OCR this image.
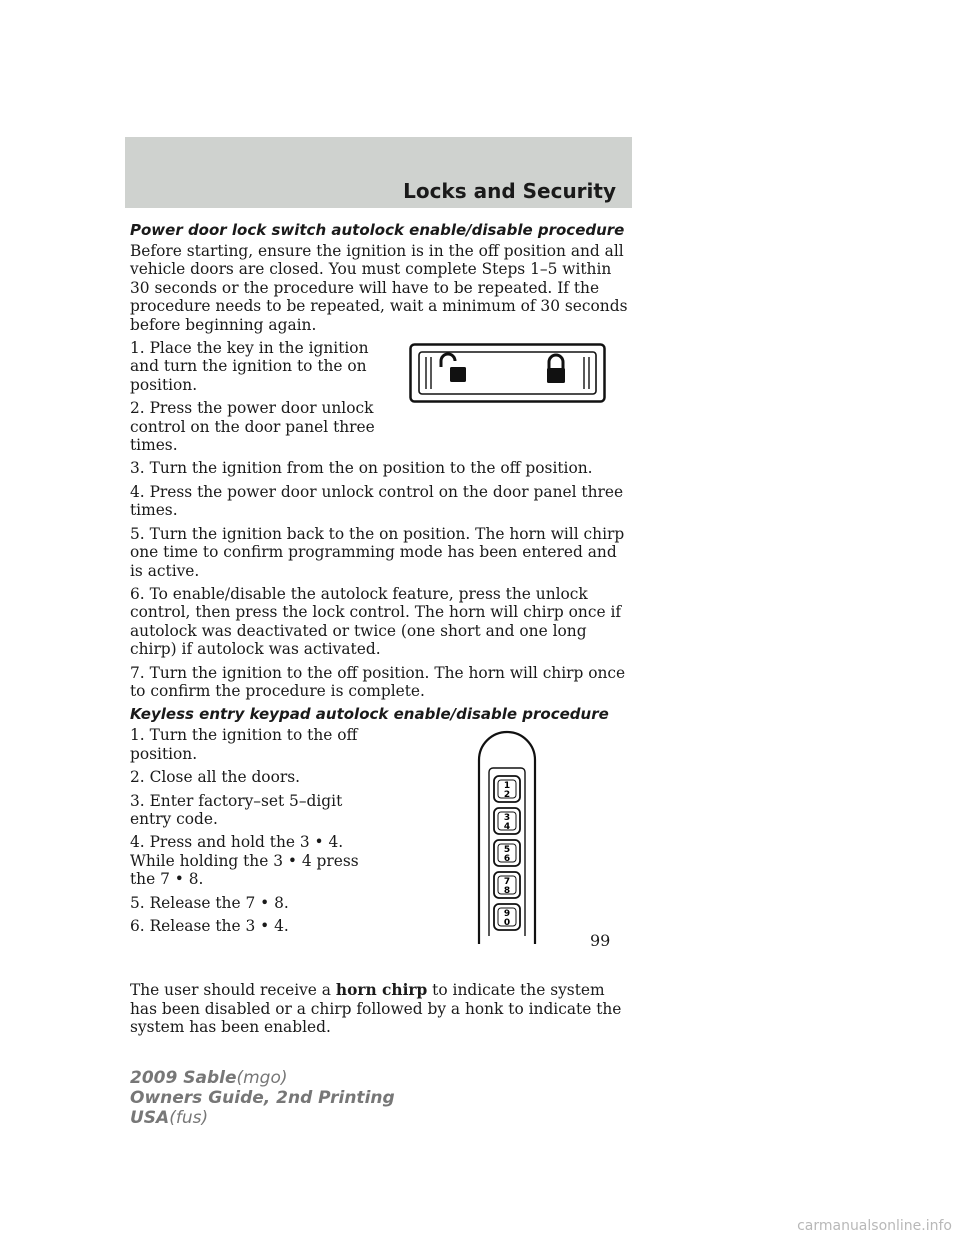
Locks and Security
Power door lock switch autolock enable/disable procedure

Before starting, ensure the ignition is in the off position and all vehicle doors are closed. You must complete Steps 1–5 within 30 seconds or the procedure will have to be repeated. If the procedure needs to be repeated, wait a minimum of 30 seconds before beginning again.

1. Place the key in the ignition and turn the ignition to the on position.

2. Press the power door unlock control on the door panel three times.

3. Turn the ignition from the on position to the off position.

4. Press the power door unlock control on the door panel three times.

5. Turn the ignition back to the on position. The horn will chirp one time to confirm programming mode has been entered and is active.

6. To enable/disable the autolock feature, press the unlock control, then press the lock control. The horn will chirp once if autolock was deactivated or twice (one short and one long chirp) if autolock was activated.

7. Turn the ignition to the off position. The horn will chirp once to confirm the procedure is complete.

Keyless entry keypad autolock enable/disable procedure

1. Turn the ignition to the off position.

2. Close all the doors.

3. Enter factory–set 5–digit entry code.

4. Press and hold the 3 • 4. While holding the 3 • 4 press the 7 • 8.

5. Release the 7 • 8.

6. Release the 3 • 4.

1
2
3
4
5
6
7
8
9
0

The user should receive a horn chirp to indicate the system has been disabled or a chirp followed by a honk to indicate the system has been enabled.

99
2009 Sable(mgo)
Owners Guide, 2nd Printing
USA(fus)
carmanualsonline.info
